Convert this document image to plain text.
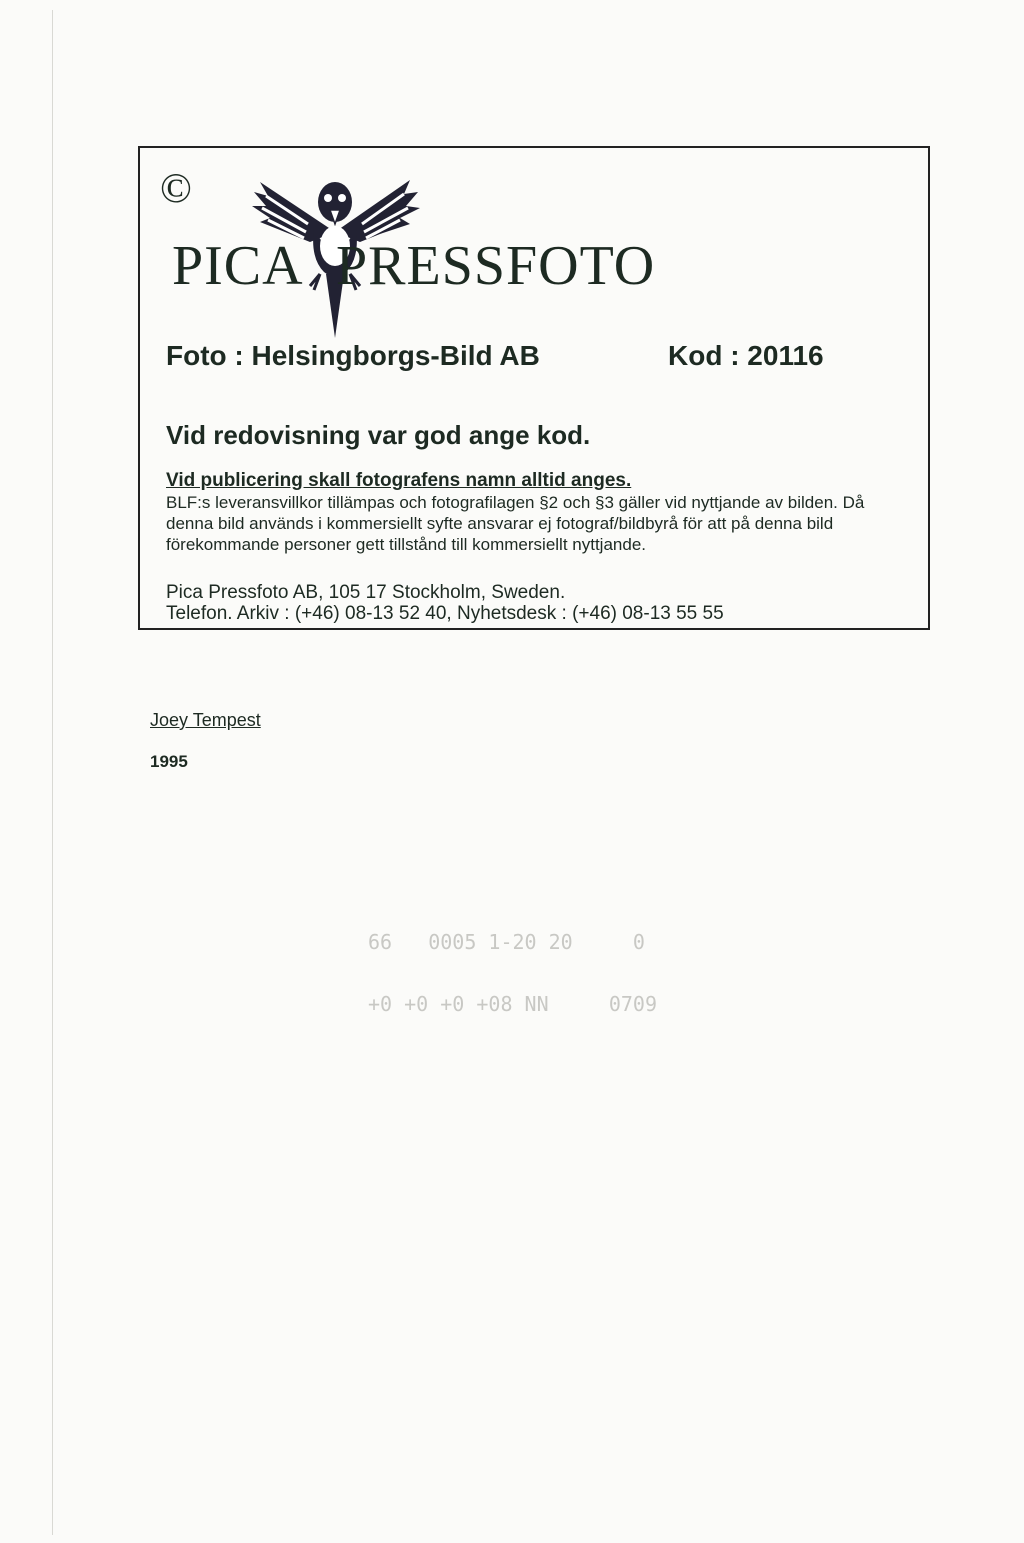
©
PICA PRESSFOTO
Foto : Helsingborgs-Bild AB	Kod : 20116
Vid redovisning var god ange kod.
Vid publicering skall fotografens namn alltid anges.
BLF:s leveransvillkor tillämpas och fotografilagen §2 och §3 gäller vid nyttjande av bilden. Då denna bild används i kommersiellt syfte ansvarar ej fotograf/bildbyrå för att på denna bild förekommande personer gett tillstånd till kommersiellt nyttjande.
Pica Pressfoto AB, 105 17 Stockholm, Sweden.
Telefon. Arkiv : (+46) 08-13 52 40, Nyhetsdesk : (+46) 08-13 55 55
Joey Tempest
1995
66   0005 1-20 20     0
+0 +0 +0 +08 NN     0709
